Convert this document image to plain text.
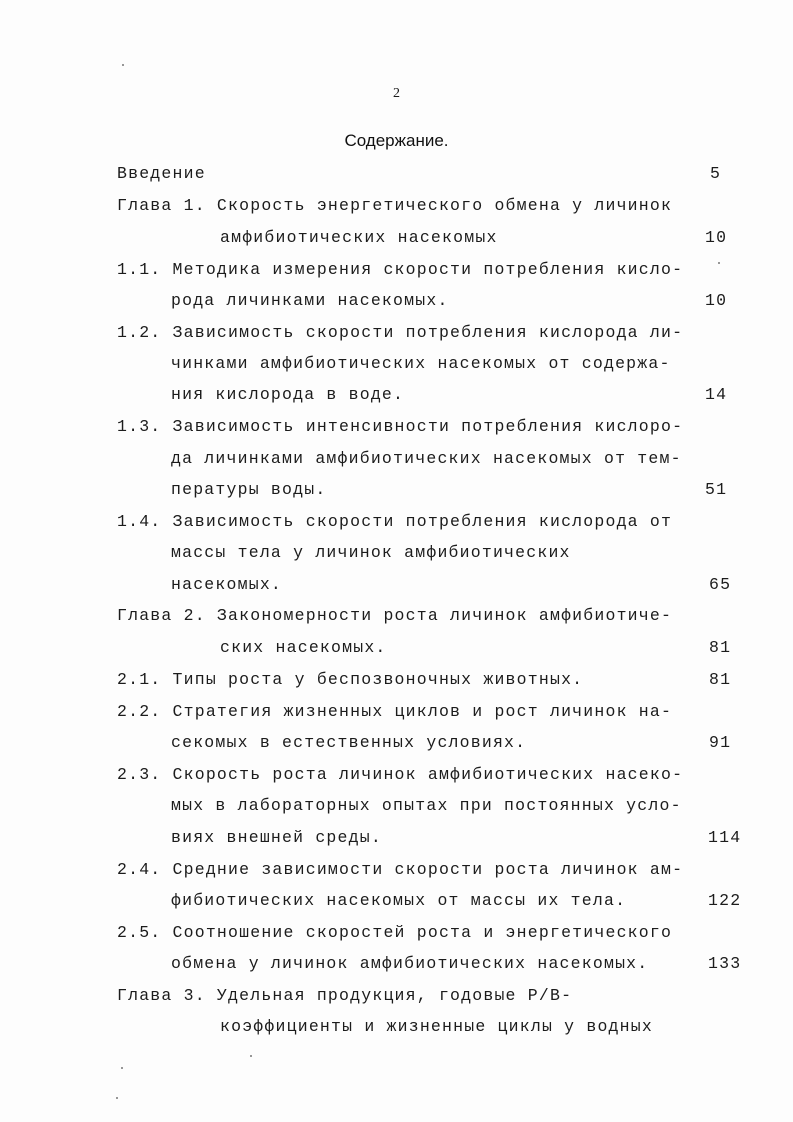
2
Содержание.
Введение	5
Глава 1. Скорость энергетического обмена у личинок
амфибиотических насекомых	10
1.1. Методика измерения скорости потребления кисло-
рода личинками насекомых.	10
1.2. Зависимость скорости потребления кислорода ли-
чинками амфибиотических насекомых от содержа-
ния кислорода в воде.	14
1.3. Зависимость интенсивности потребления кислоро-
да личинками амфибиотических насекомых от тем-
пературы воды.	51
1.4. Зависимость скорости потребления кислорода от
массы тела у личинок амфибиотических
насекомых.	65
Глава 2. Закономерности роста личинок амфибиотиче-
ских насекомых.	81
2.1. Типы роста у беспозвоночных животных.	81
2.2. Стратегия жизненных циклов и рост личинок на-
секомых в естественных условиях.	91
2.3. Скорость роста личинок амфибиотических насеко-
мых в лабораторных опытах при постоянных усло-
виях внешней среды.	114
2.4. Средние зависимости скорости роста личинок ам-
фибиотических насекомых от массы их тела.	122
2.5. Соотношение скоростей роста и энергетического
обмена у личинок амфибиотических насекомых.	133
Глава 3. Удельная продукция, годовые P/B-
коэффициенты и жизненные циклы у водных
